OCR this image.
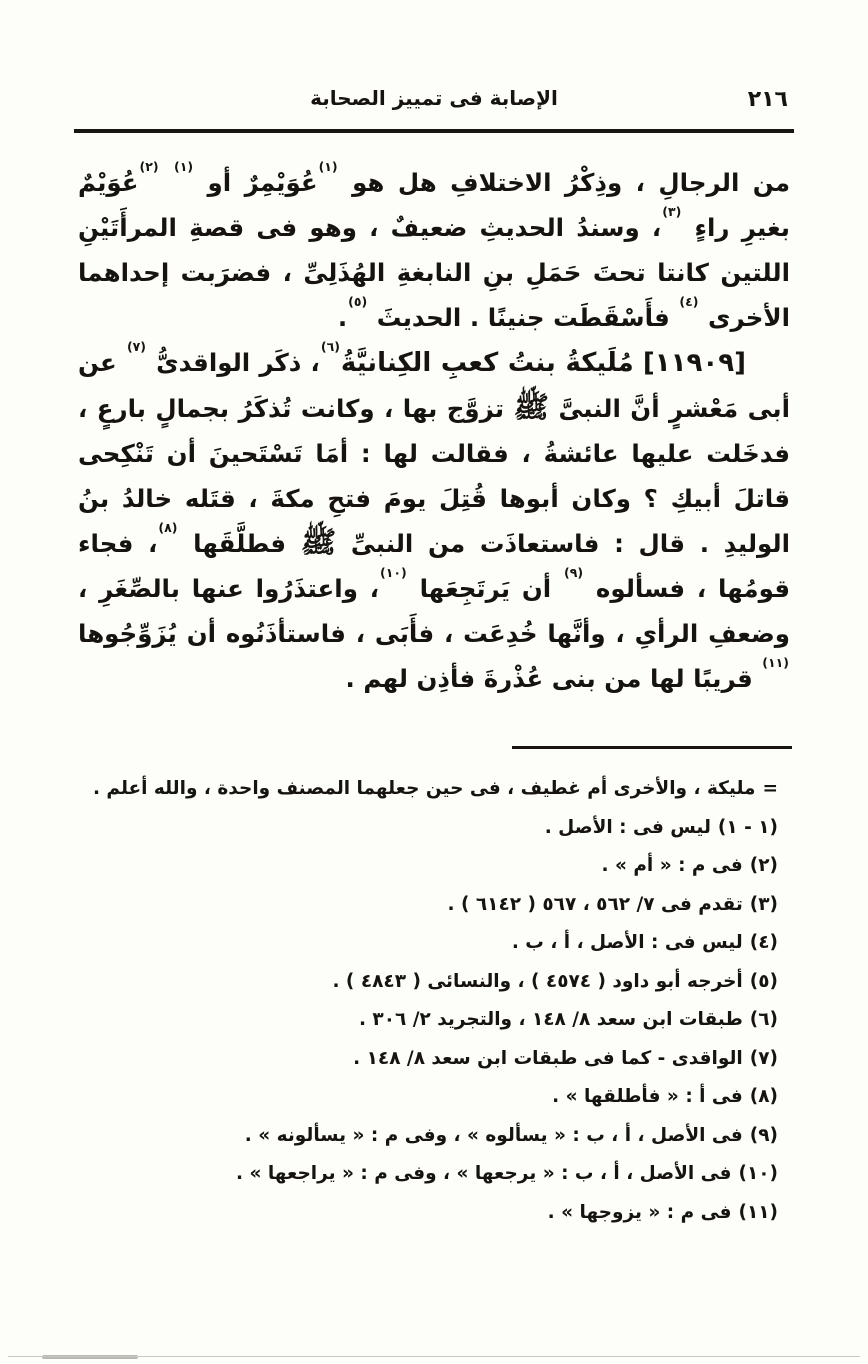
٢١٦
الإصابة فى تمييز الصحابة

من الرجالِ ، وذِكْرُ الاختلافِ هل هو $^{(١)}$عُوَيْمِرٌ أو $^{(١)}$ $^{(٢)}$عُوَيْمٌ بغيرِ راءٍ $^{(٣)}$، وسندُ الحديثِ ضعيفٌ ، وهو فى قصةِ المرأَتَيْنِ اللتين كانتا تحتَ حَمَلِ بنِ النابغةِ الهُذَلِىِّ ، فضرَبت إحداهما الأخرى $^{(٤)}$ فأَسْقَطَت جنينًا . الحديثَ $^{(٥)}$.

[١١٩٠٩] مُلَيكةُ بنتُ كعبِ الكِنانيَّةُ$^{(٦)}$، ذكَر الواقدىُّ $^{(٧)}$ عن أبى مَعْشرٍ أنَّ النبىَّ ﷺ تزوَّج بها ، وكانت تُذكَرُ بجمالٍ بارعٍ ، فدخَلت عليها عائشةُ ، فقالت لها : أمَا تَسْتَحينَ أن تَنْكِحى قاتلَ أبيكِ ؟ وكان أبوها قُتِلَ يومَ فتحِ مكةَ ، قتَله خالدُ بنُ الوليدِ . قال : فاستعاذَت من النبىِّ ﷺ فطلَّقَها $^{(٨)}$، فجاء قومُها ، فسألوه $^{(٩)}$ أن يَرتَجِعَها $^{(١٠)}$، واعتذَرُوا عنها بالصِّغَرِ ، وضعفِ الرأىِ ، وأنَّها خُدِعَت ، فأَبَى ، فاستأذَنُوه أن يُزَوِّجُوها $^{(١١)}$ قريبًا لها من بنى عُذْرةَ فأذِن لهم .

=مليكة ، والأخرى أم غطيف ، فى حين جعلهما المصنف واحدة ، والله أعلم .
(١ - ١)ليس فى : الأصل .
(٢)فى م : « أم » .
(٣)تقدم فى ٧/ ٥٦٢ ، ٥٦٧ ( ٦١٤٢ ) .
(٤)ليس فى : الأصل ، أ ، ب .
(٥)أخرجه أبو داود ( ٤٥٧٤ ) ، والنسائى ( ٤٨٤٣ ) .
(٦)طبقات ابن سعد ٨/ ١٤٨ ، والتجريد ٢/ ٣٠٦ .
(٧)الواقدى - كما فى طبقات ابن سعد ٨/ ١٤٨ .
(٨)فى أ : « فأطلقها » .
(٩)فى الأصل ، أ ، ب : « يسألوه » ، وفى م : « يسألونه » .
(١٠)فى الأصل ، أ ، ب : « يرجعها » ، وفى م : « يراجعها » .
(١١)فى م : « يزوجها » .
